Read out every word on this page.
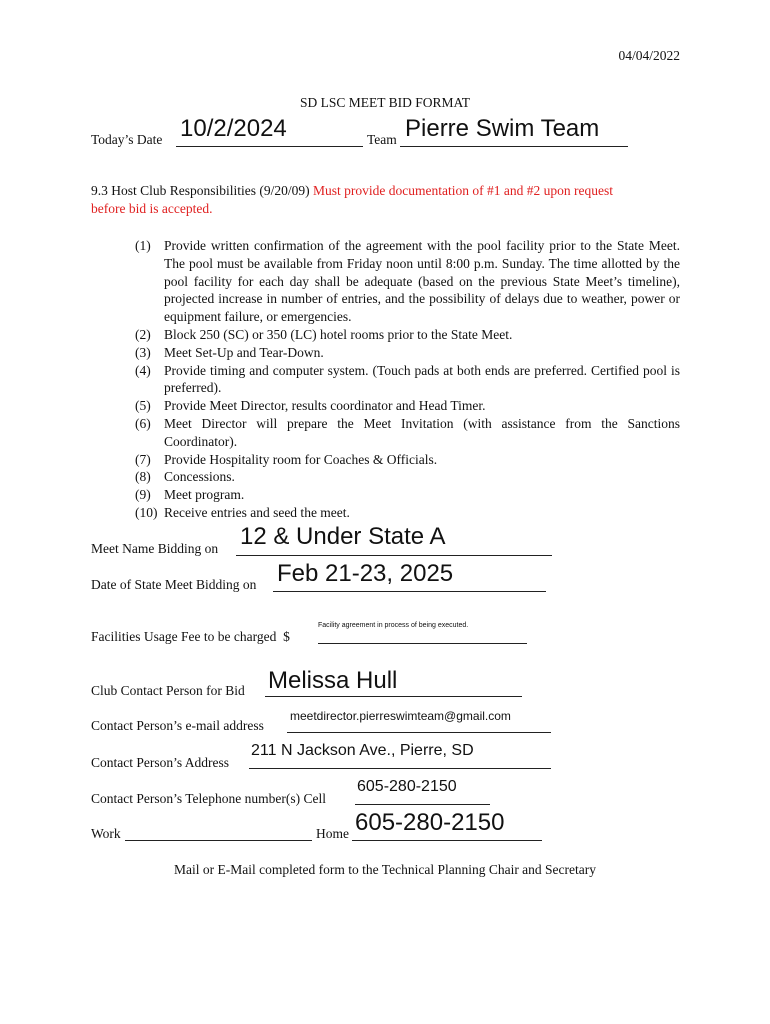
04/04/2022
SD LSC MEET BID FORMAT
Today’s Date 10/2/2024	Team Pierre Swim Team
9.3 Host Club Responsibilities (9/20/09) Must provide documentation of #1 and #2 upon request
before bid is accepted.
(1) Provide written confirmation of the agreement with the pool facility prior to the State Meet. The pool must be available from Friday noon until 8:00 p.m. Sunday. The time allotted by the pool facility for each day shall be adequate (based on the previous State Meet’s timeline), projected increase in number of entries, and the possibility of delays due to weather, power or equipment failure, or emergencies.
(2) Block 250 (SC) or 350 (LC) hotel rooms prior to the State Meet.
(3) Meet Set-Up and Tear-Down.
(4) Provide timing and computer system. (Touch pads at both ends are preferred. Certified pool is preferred).
(5) Provide Meet Director, results coordinator and Head Timer.
(6) Meet Director will prepare the Meet Invitation (with assistance from the Sanctions Coordinator).
(7) Provide Hospitality room for Coaches & Officials.
(8) Concessions.
(9) Meet program.
(10) Receive entries and seed the meet.
Meet Name Bidding on 12 & Under State A
Date of State Meet Bidding on Feb 21-23, 2025
Facilities Usage Fee to be charged $
Facility agreement in process of being executed.
Club Contact Person for Bid Melissa Hull
Contact Person’s e-mail address
meetdirector.pierreswimteam@gmail.com
Contact Person’s Address
211 N Jackson Ave., Pierre, SD
Contact Person’s Telephone number(s) Cell
605-280-2150
Work	Home 605-280-2150
Mail or E-Mail completed form to the Technical Planning Chair and Secretary
